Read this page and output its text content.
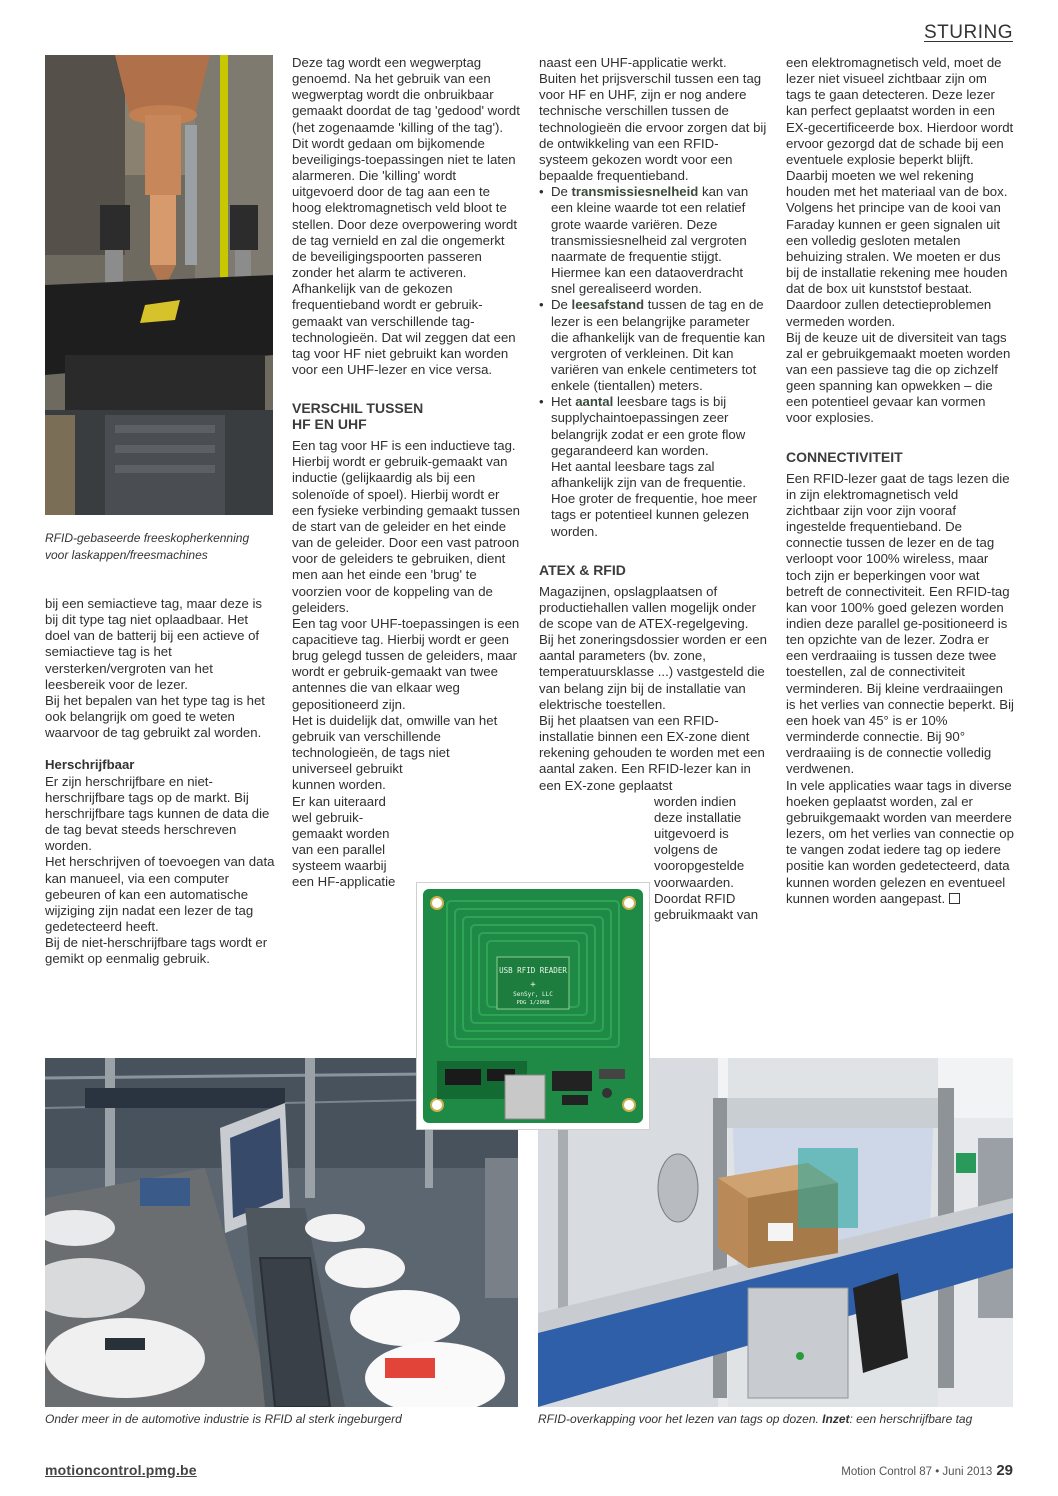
STURING
RFID-gebaseerde freeskopherkenning voor laskappen/freesmachines

bij een semiactieve tag, maar deze is bij dit type tag niet oplaadbaar. Het doel van de batterij bij een actieve of semiactieve tag is het versterken/vergroten van het leesbereik voor de lezer.

Bij het bepalen van het type tag is het ook belangrijk om goed te weten waarvoor de tag gebruikt zal worden.

Herschrijfbaar

Er zijn herschrijfbare en niet-herschrijfbare tags op de markt. Bij herschrijfbare tags kunnen de data die de tag bevat steeds herschreven worden.

Het herschrijven of toevoegen van data kan manueel, via een computer gebeuren of kan een automatische wijziging zijn nadat een lezer de tag gedetecteerd heeft.

Bij de niet-herschrijfbare tags wordt er gemikt op eenmalig gebruik.

Deze tag wordt een wegwerptag genoemd. Na het gebruik van een wegwerptag wordt die onbruikbaar gemaakt doordat de tag 'gedood' wordt (het zogenaamde 'killing of the tag'). Dit wordt gedaan om bijkomende beveiligings-toepassingen niet te laten alarmeren. Die 'killing' wordt uitgevoerd door de tag aan een te hoog elektromagnetisch veld bloot te stellen. Door deze overpowering wordt de tag vernield en zal die ongemerkt de beveiligingspoorten passeren zonder het alarm te activeren.

Afhankelijk van de gekozen frequentieband wordt er gebruik-gemaakt van verschillende tag-technologieën. Dat wil zeggen dat een tag voor HF niet gebruikt kan worden voor een UHF-lezer en vice versa.

VERSCHIL TUSSEN
HF EN UHF

Een tag voor HF is een inductieve tag. Hierbij wordt er gebruik-gemaakt van inductie (gelijkaardig als bij een solenoïde of spoel). Hierbij wordt er een fysieke verbinding gemaakt tussen de start van de geleider en het einde van de geleider. Door een vast patroon voor de geleiders te gebruiken, dient men aan het einde een 'brug' te voorzien voor de koppeling van de geleiders.

Een tag voor UHF-toepassingen is een capacitieve tag. Hierbij wordt er geen brug gelegd tussen de geleiders, maar wordt er gebruik-gemaakt van twee antennes die van elkaar weg gepositioneerd zijn.

Het is duidelijk dat, omwille van het gebruik van verschillende technologieën, de tags niet

universeel gebruikt

kunnen worden.

Er kan uiteraard

wel gebruik-

gemaakt worden

van een parallel

systeem waarbij

een HF-applicatie

naast een UHF-applicatie werkt. Buiten het prijsverschil tussen een tag voor HF en UHF, zijn er nog andere technische verschillen tussen de technologieën die ervoor zorgen dat bij de ontwikkeling van een RFID-systeem gekozen wordt voor een bepaalde frequentieband.

• De transmissiesnelheid kan van een kleine waarde tot een relatief grote waarde variëren. Deze transmissiesnelheid zal vergroten naarmate de frequentie stijgt. Hiermee kan een dataoverdracht snel gerealiseerd worden.

• De leesafstand tussen de tag en de lezer is een belangrijke parameter die afhankelijk van de frequentie kan vergroten of verkleinen. Dit kan variëren van enkele centimeters tot enkele (tientallen) meters.

• Het aantal leesbare tags is bij supplychaintoepassingen zeer belangrijk zodat er een grote flow gegarandeerd kan worden.

Het aantal leesbare tags zal afhankelijk zijn van de frequentie. Hoe groter de frequentie, hoe meer tags er potentieel kunnen gelezen worden.

ATEX & RFID

Magazijnen, opslagplaatsen of productiehallen vallen mogelijk onder de scope van de ATEX-regelgeving.

Bij het zoneringsdossier worden er een aantal parameters (bv. zone, temperatuursklasse ...) vastgesteld die van belang zijn bij de installatie van elektrische toestellen.

Bij het plaatsen van een RFID-installatie binnen een EX-zone dient rekening gehouden te worden met een aantal zaken. Een RFID-lezer kan in een EX-zone geplaatst

worden indien

deze installatie

uitgevoerd is

volgens de

vooropgestelde

voorwaarden.

Doordat RFID

gebruikmaakt van

een elektromagnetisch veld, moet de lezer niet visueel zichtbaar zijn om tags te gaan detecteren. Deze lezer kan perfect geplaatst worden in een EX-gecertificeerde box. Hierdoor wordt ervoor gezorgd dat de schade bij een eventuele explosie beperkt blijft.

Daarbij moeten we wel rekening houden met het materiaal van de box. Volgens het principe van de kooi van Faraday kunnen er geen signalen uit een volledig gesloten metalen behuizing stralen. We moeten er dus bij de installatie rekening mee houden dat de box uit kunststof bestaat. Daardoor zullen detectieproblemen vermeden worden.

Bij de keuze uit de diversiteit van tags zal er gebruikgemaakt moeten worden van een passieve tag die op zichzelf geen spanning kan opwekken – die een potentieel gevaar kan vormen voor explosies.

CONNECTIVITEIT

Een RFID-lezer gaat de tags lezen die in zijn elektromagnetisch veld zichtbaar zijn voor zijn vooraf ingestelde frequentieband. De connectie tussen de lezer en de tag verloopt voor 100% wireless, maar toch zijn er beperkingen voor wat betreft de connectiviteit. Een RFID-tag kan voor 100% goed gelezen worden indien deze parallel ge-positioneerd is ten opzichte van de lezer. Zodra er een verdraaiing is tussen deze twee toestellen, zal de connectiviteit verminderen. Bij kleine verdraaiingen is het verlies van connectie beperkt. Bij een hoek van 45° is er 10% verminderde connectie. Bij 90° verdraaiing is de connectie volledig verdwenen.

In vele applicaties waar tags in diverse hoeken geplaatst worden, zal er gebruikgemaakt worden van meerdere lezers, om het verlies van connectie op te vangen zodat iedere tag op iedere positie kan worden gedetecteerd, data kunnen worden gelezen en eventueel kunnen worden aangepast.

Onder meer in de automotive industrie is RFID al sterk ingeburgerd	RFID-overkapping voor het lezen van tags op dozen. Inzet: een herschrijfbare tag
USB RFID READER
+
SenSyr, LLC
PDG 1/2008
motioncontrol.pmg.be	Motion Control 87 • Juni 2013 29
